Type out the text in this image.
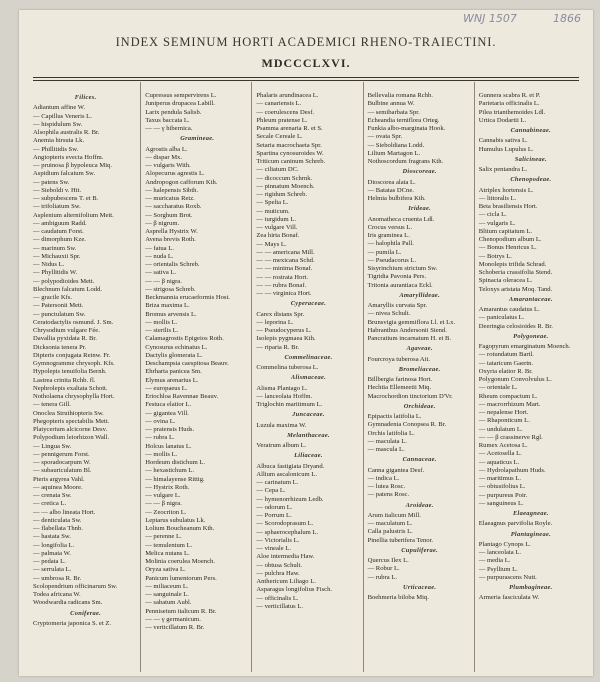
WNJ 1507	1866
INDEX SEMINUM HORTI ACADEMICI RHENO-TRAIECTINI.
MDCCCLXVI.
Filices.
Adiantum affine W.
— Capillus Veneris L.
— hispidulum Sw.
Alsophila australis R. Br.
Anemia hirsuta Lk.
— Phillitidis Sw.
Angiopteris evecta Hoffm.
— pruinosa β hypoleuca Miq.
Aspidium falcatum Sw.
— patens Sw.
— Sieboldi v. Htt.
— subpubescens T. et B.
— trifoliatum Sw.
Asplenium alternifolium Mett.
— ambiguum Radd.
— caudatum Forst.
— dimorphum Kze.
— marinum Sw.
— Michauxii Spr.
— Nidus L.
— Phyllitidis W.
— polypodioides Mett.
Blechnum falcatum Lodd.
— gracile Kfs.
— Patersonii Mett.
— punctulatum Sw.
Ceratodactylis osmund. J. Sm.
Chrysodium vulgare Fée.
Davallia pyxidata R. Br.
Dicksonia tenera Pr.
Dipteris conjugata Reinw. Fr.
Gymnogramme chrysoph. Kfs.
Hypolepis tenuifolia Bernh.
Lastrea crinita Rchb. fl.
Nephrolepis exaltata Schott.
Notholaena chrysophylla Hort.
— tenera Gill.
Onoclea Struthiopteris Sw.
Phegopteris spectabilis Mett.
Platycerium alcicorne Desv.
Polypodium leiorhizon Wall.
— Lingua Sw.
— pennigerum Forst.
— sporadocarpum W.
— subauriculatum Bl.
Pteris argyrea Vahl.
— aquinea Moore.
— crenata Sw.
— cretica L.
— — albo lineata Hort.
— denticulata Sw.
— flabellata Thnb.
— hastata Sw.
— longifolia L.
— palmata W.
— pedata L.
— serrulata L.
— umbrosa R. Br.
Scolopendrium officinarum Sw.
Todea africana W.
Woodwardia radicans Sm.
Coniferae.
Cryptomeria japonica S. et Z.
Cupressus sempervirens L.
Juniperus drupacea Labill.
Larix pendula Salisb.
Taxus baccata L.
— — γ hibernica.
Gramineae.
Agrostis alba L.
— dispar Mx.
— vulgaris With.
Alopecurus agrestis L.
Andropogon cafforum Kth.
— halepensis Sibth.
— muricatus Retz.
— saccharatus Roxb.
— Sorghum Brot.
— β nigrum.
Asprella Hystrix W.
Avena brevis Roth.
— fatua L.
— nuda L.
— orientalis Schreb.
— sativa L.
— — β nigra.
— strigosa Schreb.
Beckmannia erucaeformis Host.
Briza maxima L.
Bromus arvensis L.
— mollis L.
— sterilis L.
Calamagrostis Epigeios Roth.
Cynosurus echinatus L.
Dactylis glomerata L.
Deschampsia caespitosa Beauv.
Ehrharta panicea Sm.
Elymus arenarius L.
— europaeus L.
Eriochloa Ravennae Beauv.
Festuca elatior L.
— gigantea Vill.
— ovina L.
— pratensis Huds.
— rubra L.
Holcus lanatus L.
— mollis L.
Hordeum distichum L.
— hexastichum L.
— himalayense Rittig.
— Hystrix Roth.
— vulgare L.
— — β nigra.
— Zeocriton L.
Leptarus subulatus Lk.
Lolium Boucheanum Kth.
— perenne L.
— temulentum L.
Melica nutans L.
Molinia coerulea Moench.
Oryza sativa L.
Panicum lumentorum Pers.
— miliaceum L.
— sanguinale L.
— sabatum Aubl.
Pennisetum italicum R. Br.
— — γ germanicum.
— verticillatum R. Br.
Phalaris arundinacea L.
— canariensis L.
— coerulescens Desf.
Phleum pratense L.
Psamma arenaria R. et S.
Secale Cereale L.
Setaria macrochaeta Spr.
Spartina cynosuroides W.
Triticum caninum Schreb.
— ciliatum DC.
— dicoccum Schrnk.
— pinnatum Moench.
— rigidum Schreb.
— Spelta L.
— muticum.
— turgidum L.
— vulgare Vill.
Zea hirta Bonaf.
— Mays L.
— — americana Mill.
— — mexicana Schd.
— — minima Bonaf.
— — rostrata Hort.
— — rubra Bonaf.
— — virginica Hort.
Cyperaceae.
Carex distans Spr.
— leporina L.
— Pseudocyperus L.
Isolepis pygmaea Kth.
— riparia R. Br.
Commelinaceae.
Commelina tuberosa L.
Alismaceae.
Alisma Plantago L.
— lanceolata Hoffm.
Triglochin maritimum L.
Juncaceae.
Luzula maxima W.
Melanthaceae.
Veratrum album L.
Liliaceae.
Albuca fastigiata Dryand.
Allium ascalonicum L.
— carinatum L.
— Cepa L.
— hymenorrhizum Ledb.
— odorum L.
— Porrum L.
— Scorodoprasum L.
— sphaerocephalum L.
— Victorialis L.
— vineale L.
Aloe intermedia Haw.
— obtusa Schult.
— pulchra Haw.
Anthericum Liliago L.
Asparagus longifolius Fisch.
— officinalis L.
— verticillatus L.
Bellevalia romana Rchb.
Bulbine annua W.
— semibarbata Spr.
Echeandia terniflora Orteg.
Funkia albo-marginata Hook.
— ovata Spr.
— Sieboldiana Lodd.
Lilium Martagon L.
Nothoscordum fragrans Kth.
Dioscoreae.
Dioscorea alata L.
— Batatas DCne.
Helmia bulbifera Kth.
Irideae.
Anomatheca cruenta Ldl.
Crocus versus L.
Iris graminea L.
— halophila Pall.
— pumila L.
— Pseudacorus L.
Sisyrinchium strictum Sw.
Tigridia Pavonia Pers.
Tritonia aurantiaca Eckl.
Amaryllideae.
Amaryllis curvata Spr.
— nivea Schult.
Brunsvigia gemmiflora Ll. et Lx.
Habranthus Andersonii Stend.
Pancratium incarnatum H. et B.
Agaveae.
Fourcroya tuberosa Ait.
Bromeliaceae.
Billbergia farinosa Hort.
Hechtia Ellemeetii Miq.
Macrochordion tinctorium D'Vr.
Orchideae.
Epipactis latifolia L.
Gymnadenia Conopsea R. Br.
Orchis latifolia L.
— maculata L.
— mascula L.
Cannaceae.
Canna gigantea Desf.
— indica L.
— lutea Rosc.
— patens Rosc.
Aroideae.
Arum italicum Mill.
— maculatum L.
Calla palustris L.
Pinellia tuberifera Tenor.
Cupuliferae.
Quercus Ilex L.
— Robur L.
— rubra L.
Urticaceae.
Boehmeria biloba Miq.
Gunnera scabra R. et P.
Parietaria officinalis L.
Pilea trianthemoides Ldl.
Urtica Dodartii L.
Cannabineae.
Cannabis sativa L.
Humulus Lupulus L.
Salicineae.
Salix pentandra L.
Chenopodeae.
Atriplex hortensis L.
— littoralis L.
Beta brasiliensis Hort.
— cicla L.
— vulgaris L.
Blitum capitatum L.
Chenopodium album L.
— Bonus Henricus L.
— Botrys L.
Monolepis trifida Schrad.
Schoberia crassifolia Stend.
Spinacia oleracea L.
Teloxys aristata Moq. Tand.
Amarantaceae.
Amarantus caudatus L.
— paniculatus L.
Deeringia celosioides R. Br.
Polygoneae.
Fagopyrum emarginatum Moench.
— rotundatum Bartl.
— tataricum Gaertn.
Oxyria elatior R. Br.
Polygonum Convolvulus L.
— orientale L.
Rheum compactum L.
— macrorrhizum Mart.
— nepalense Hort.
— Rhaponticum L.
— undulatum L.
— — β crassinerve Rgl.
Rumex Acetosa L.
— Acetosella L.
— aquaticus L.
— Hydrolapathum Huds.
— maritimus L.
— obtusifolius L.
— purpureus Poir.
— sanguineus L.
Elaeagneae.
Elaeagnus parvifolia Royle.
Plantagineae.
Plantago Cynops L.
— lanceolata L.
— media L.
— Psyllium L.
— purpurascens Nutt.
Plumbagineae.
Armeria fasciculata W.
